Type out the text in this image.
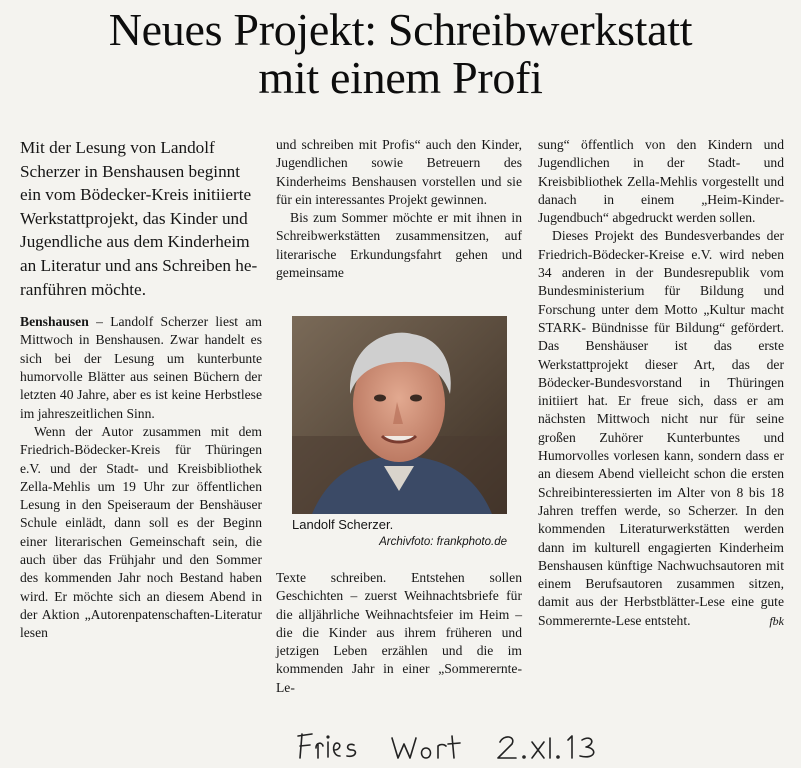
Neues Projekt: Schreibwerkstatt
mit einem Profi

Mit der Lesung von Landolf Scherzer in Benshausen beginnt ein vom Bödecker-Kreis initiierte Werkstattprojekt, das Kinder und Jugendliche aus dem Kinderheim an Literatur und ans Schreiben heranführen möchte.

Benshausen – Landolf Scherzer liest am Mittwoch in Benshausen. Zwar handelt es sich bei der Lesung um kunterbunte humorvolle Blätter aus seinen Büchern der letzten 40 Jahre, aber es ist keine Herbstlese im jahreszeitlichen Sinn.

Wenn der Autor zusammen mit dem Friedrich-Bödecker-Kreis für Thüringen e.V. und der Stadt- und Kreisbibliothek Zella-Mehlis um 19 Uhr zur öffentlichen Lesung in den Speiseraum der Benshäuser Schule einlädt, dann soll es der Beginn einer literarischen Gemeinschaft sein, die auch über das Frühjahr und den Sommer des kommenden Jahr noch Bestand haben wird. Er möchte sich an diesem Abend in der Aktion „Autorenpatenschaften-Literatur lesen

und schreiben mit Profis“ auch den Kinder, Jugendlichen sowie Betreuern des Kinderheims Benshausen vorstellen und sie für ein interessantes Projekt gewinnen.

Bis zum Sommer möchte er mit ihnen in Schreibwerkstätten zusammensitzen, auf literarische Erkundungsfahrt gehen und gemeinsame

Landolf Scherzer.
Archivfoto: frankphoto.de

Texte schreiben. Entstehen sollen Geschichten – zuerst Weihnachtsbriefe für die alljährliche Weihnachtsfeier im Heim – die die Kinder aus ihrem früheren und jetzigen Leben erzählen und die im kommenden Jahr in einer „Sommerernte- Le-

sung“ öffentlich von den Kindern und Jugendlichen in der Stadt- und Kreisbibliothek Zella-Mehlis vorgestellt und danach in einem „Heim-Kinder-Jugendbuch“ abgedruckt werden sollen.

Dieses Projekt des Bundesverbandes der Friedrich-Bödecker-Kreise e.V. wird neben 34 anderen in der Bundesrepublik vom Bundesministerium für Bildung und Forschung unter dem Motto „Kultur macht STARK- Bündnisse für Bildung“ gefördert. Das Benshäuser ist das erste Werkstattprojekt dieser Art, das der Bödecker-Bundesvorstand in Thüringen initiiert hat. Er freue sich, dass er am nächsten Mittwoch nicht nur für seine großen Zuhörer Kunterbuntes und Humorvolles vorlesen kann, sondern dass er an diesem Abend vielleicht schon die ersten Schreibinteressierten im Alter von 8 bis 18 Jahren treffen werde, so Scherzer. In den kommenden Literaturwerkstätten werden dann im kulturell engagierten Kinderheim Benshausen künftige Nachwuchsautoren mit einem Berufsautoren zusammen sitzen, damit aus der Herbstblätter-Lese eine gute Sommerernte-Lese entsteht.	fbk
